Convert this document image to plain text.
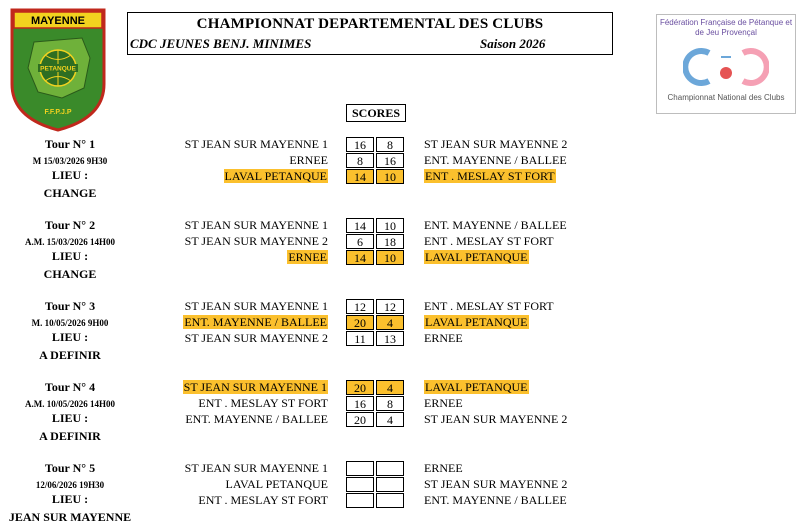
MAYENNE
PETANQUE
F.F.P.J.P
Fédération Française de Pétanque et de Jeu Provençal
Championnat National des Clubs
CHAMPIONNAT DEPARTEMENTAL DES CLUBS
CDC JEUNES BENJ. MINIMES	Saison 2026
SCORES
Tour N° 1
M 15/03/2026 9H30
LIEU :
CHANGE
ST JEAN SUR MAYENNE 1	16	8	ST JEAN SUR MAYENNE 2
ERNEE	8	16	ENT. MAYENNE / BALLEE
LAVAL PETANQUE	14	10	ENT . MESLAY ST FORT
Tour N° 2
A.M. 15/03/2026 14H00
LIEU :
CHANGE
ST JEAN SUR MAYENNE 1	14	10	ENT. MAYENNE / BALLEE
ST JEAN SUR MAYENNE 2	6	18	ENT . MESLAY ST FORT
ERNEE	14	10	LAVAL PETANQUE
Tour N° 3
M. 10/05/2026 9H00
LIEU :
A DEFINIR
ST JEAN SUR MAYENNE 1	12	12	ENT . MESLAY ST FORT
ENT. MAYENNE / BALLEE	20	4	LAVAL PETANQUE
ST JEAN SUR MAYENNE 2	11	13	ERNEE
Tour N° 4
A.M. 10/05/2026 14H00
LIEU :
A DEFINIR
ST JEAN SUR MAYENNE 1	20	4	LAVAL PETANQUE
ENT . MESLAY ST FORT	16	8	ERNEE
ENT. MAYENNE / BALLEE	20	4	ST JEAN SUR MAYENNE 2
Tour N° 5
12/06/2026 19H30
LIEU :
JEAN SUR MAYENNE
ST JEAN SUR MAYENNE 1	ERNEE
LAVAL PETANQUE	ST JEAN SUR MAYENNE 2
ENT . MESLAY ST FORT	ENT. MAYENNE / BALLEE
